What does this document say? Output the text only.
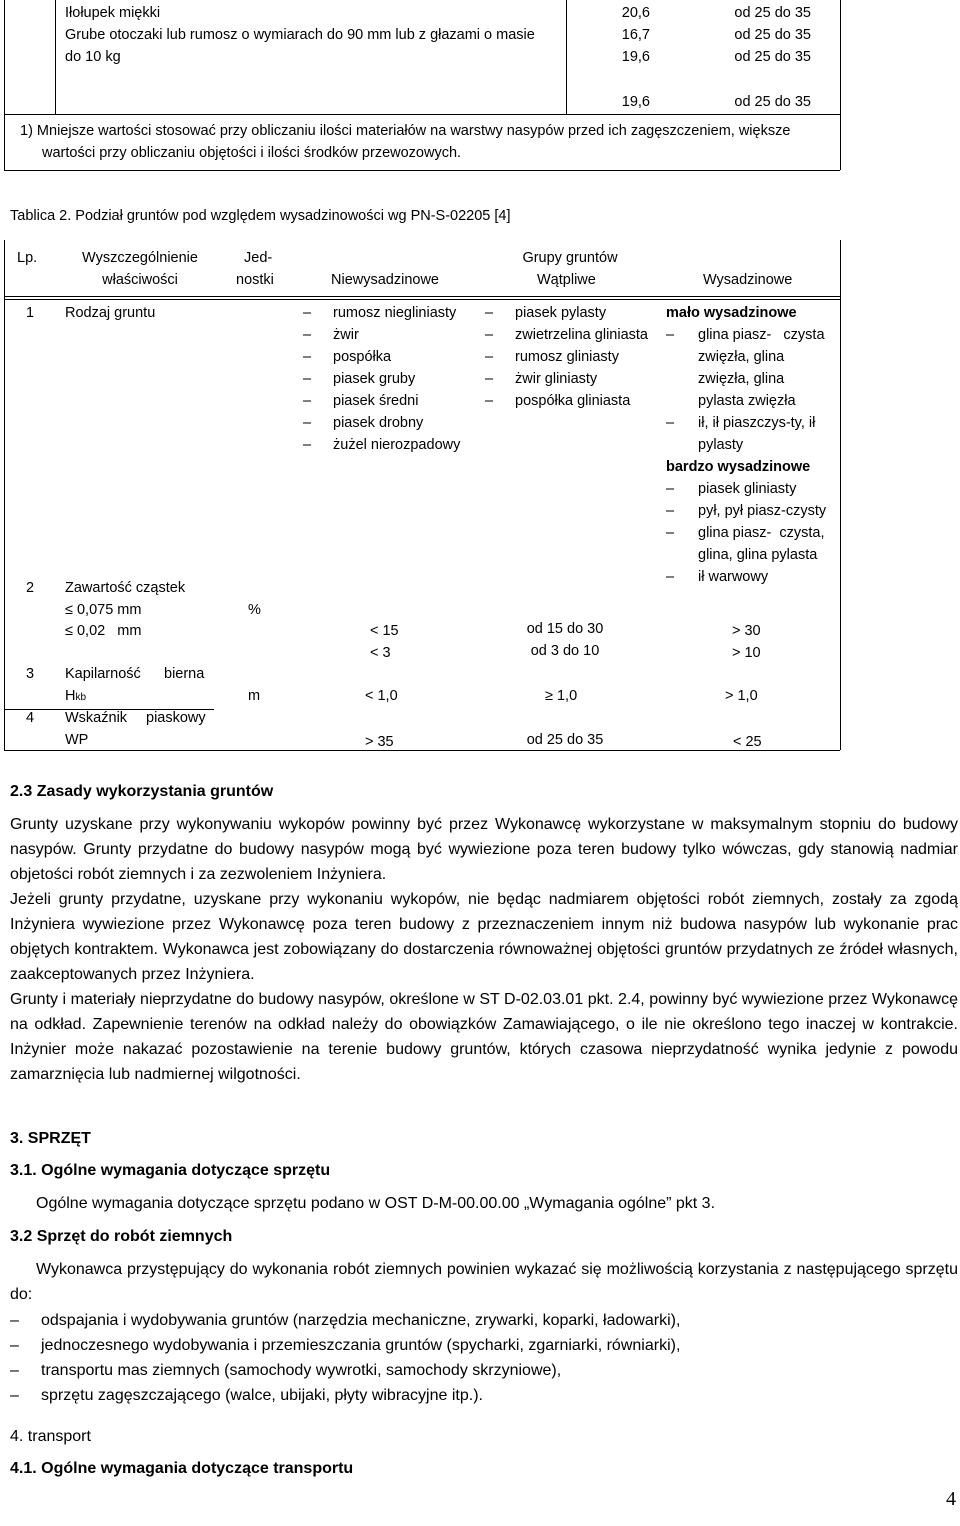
Iłołupek miękki
Grube otoczaki lub rumosz o wymiarach do 90 mm lub z głazami o masie
do 10 kg
20,6
16,7
19,6
19,6
od 25 do 35
od 25 do 35
od 25 do 35
od 25 do 35
1) Mniejsze wartości stosować przy obliczaniu ilości materiałów na warstwy nasypów przed ich zagęszczeniem, większe
wartości przy obliczaniu objętości i ilości środków przewozowych.
Tablica 2. Podział gruntów pod względem wysadzinowości wg PN-S-02205 [4]
Lp.	Wyszczególnienie
właściwości
Jed-
nostki
Grupy gruntów
Niewysadzinowe	Wątpliwe	Wysadzinowe
1 Rodzaj gruntu
–	rumosz niegliniasty
– żwir
– pospółka
– piasek gruby
– piasek średni
– piasek drobny
– żużel nierozpadowy
– piasek pylasty
– zwietrzelina gliniasta
– rumosz gliniasty
– żwir gliniasty
– pospółka gliniasta
mało wysadzinowe
– glina piasz-   czysta
zwięzła, glina
zwięzła, glina
pylasta zwięzła
– ił, ił piaszczys-ty, ił
pylasty
bardzo wysadzinowe
– piasek gliniasty
– pył, pył piasz-czysty
– glina piasz-  czysta,
glina, glina pylasta
– ił warwowy
2 Zawartość cząstek
≤ 0,075 mm
≤ 0,02   mm
%
< 15
< 3
od 15 do 30
od 3 do 10
> 30
> 10
3 Kapilarność bierna
Hkb	m	< 1,0	≥ 1,0	> 1,0
4 Wskaźnik piaskowy
WP	> 35	od 25 do 35	< 25
2.3 Zasady wykorzystania gruntów
Grunty uzyskane przy wykonywaniu wykopów powinny być przez Wykonawcę wykorzystane w maksymalnym stopniu do budowy nasypów. Grunty przydatne do budowy nasypów mogą być wywiezione poza teren budowy tylko wówczas, gdy stanowią nadmiar objetości robót ziemnych i za zezwoleniem Inżyniera.
Jeżeli grunty przydatne, uzyskane przy wykonaniu wykopów, nie będąc nadmiarem objętości robót ziemnych, zostały za zgodą Inżyniera wywiezione przez Wykonawcę poza teren budowy z przeznaczeniem innym niż budowa nasypów lub wykonanie prac objętych kontraktem. Wykonawca jest zobowiązany do dostarczenia równoważnej objętości gruntów przydatnych ze źródeł własnych, zaakceptowanych przez Inżyniera.
Grunty i materiały nieprzydatne do budowy nasypów, określone w ST D-02.03.01 pkt. 2.4, powinny być wywiezione przez Wykonawcę na odkład. Zapewnienie terenów na odkład należy do obowiązków Zamawiającego, o ile nie określono tego inaczej w kontrakcie. Inżynier może nakazać pozostawienie na terenie budowy gruntów, których czasowa nieprzydatność wynika jedynie z powodu zamarznięcia lub nadmiernej wilgotności.
3. SPRZĘT
3.1. Ogólne wymagania dotyczące sprzętu
Ogólne wymagania dotyczące sprzętu podano w OST D-M-00.00.00 „Wymagania ogólne” pkt 3.
3.2 Sprzęt do robót ziemnych
Wykonawca przystępujący do wykonania robót ziemnych powinien wykazać się możliwością korzystania z następującego sprzętu do:
– odspajania i wydobywania gruntów (narzędzia mechaniczne, zrywarki, koparki, ładowarki),
– jednoczesnego wydobywania i przemieszczania gruntów (spycharki, zgarniarki, równiarki),
– transportu mas ziemnych (samochody wywrotki, samochody skrzyniowe),
– sprzętu zagęszczającego (walce, ubijaki, płyty wibracyjne itp.).
4. transport
4.1. Ogólne wymagania dotyczące transportu
4
